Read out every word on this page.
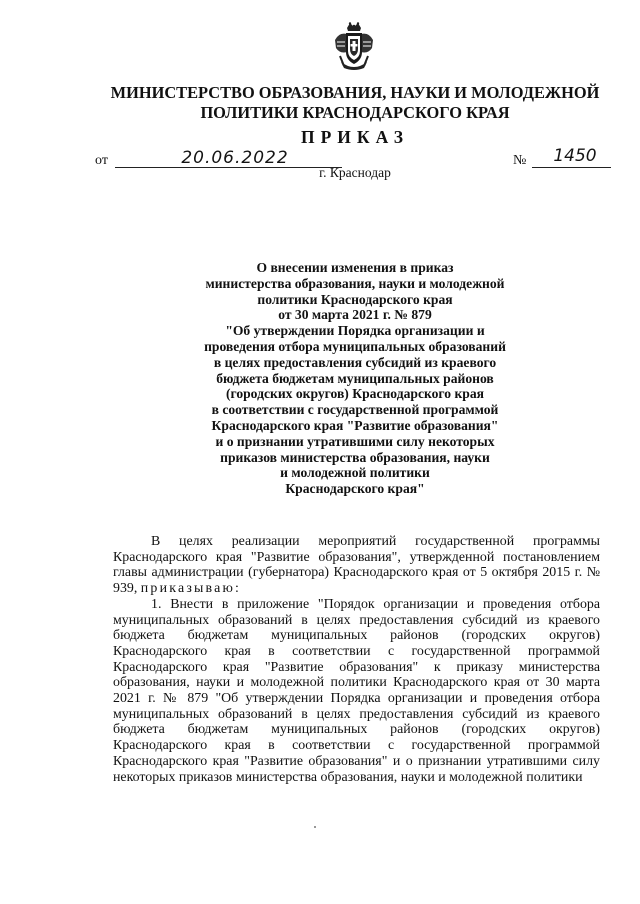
МИНИСТЕРСТВО ОБРАЗОВАНИЯ, НАУКИ И МОЛОДЕЖНОЙ
ПОЛИТИКИ КРАСНОДАРСКОГО КРАЯ
ПРИКАЗ
от	20.06.2022	№	1450
г. Краснодар
О внесении изменения в приказ
министерства образования, науки и молодежной
политики Краснодарского края
от 30 марта 2021 г. № 879
"Об утверждении Порядка организации и
проведения отбора муниципальных образований
в целях предоставления субсидий из краевого
бюджета бюджетам муниципальных районов
(городских округов) Краснодарского края
в соответствии с государственной программой
Краснодарского края "Развитие образования"
и о признании утратившими силу некоторых
приказов министерства образования, науки
и молодежной политики
Краснодарского края"

В целях реализации мероприятий государственной программы Краснодарского края "Развитие образования", утвержденной постановлением главы администрации (губернатора) Краснодарского края от 5 октября 2015 г. № 939, приказываю:

1. Внести в приложение "Порядок организации и проведения отбора муниципальных образований в целях предоставления субсидий из краевого бюджета бюджетам муниципальных районов (городских округов) Краснодарского края в соответствии с государственной программой Краснодарского края "Развитие образования" к приказу министерства образования, науки и молодежной политики Краснодарского края от 30 марта 2021 г. № 879 "Об утверждении Порядка организации и проведения отбора муниципальных образований в целях предоставления субсидий из краевого бюджета бюджетам муниципальных районов (городских округов) Краснодарского края в соответствии с государственной программой Краснодарского края "Развитие образования" и о признании утратившими силу некоторых приказов министерства образования, науки и молодежной политики
